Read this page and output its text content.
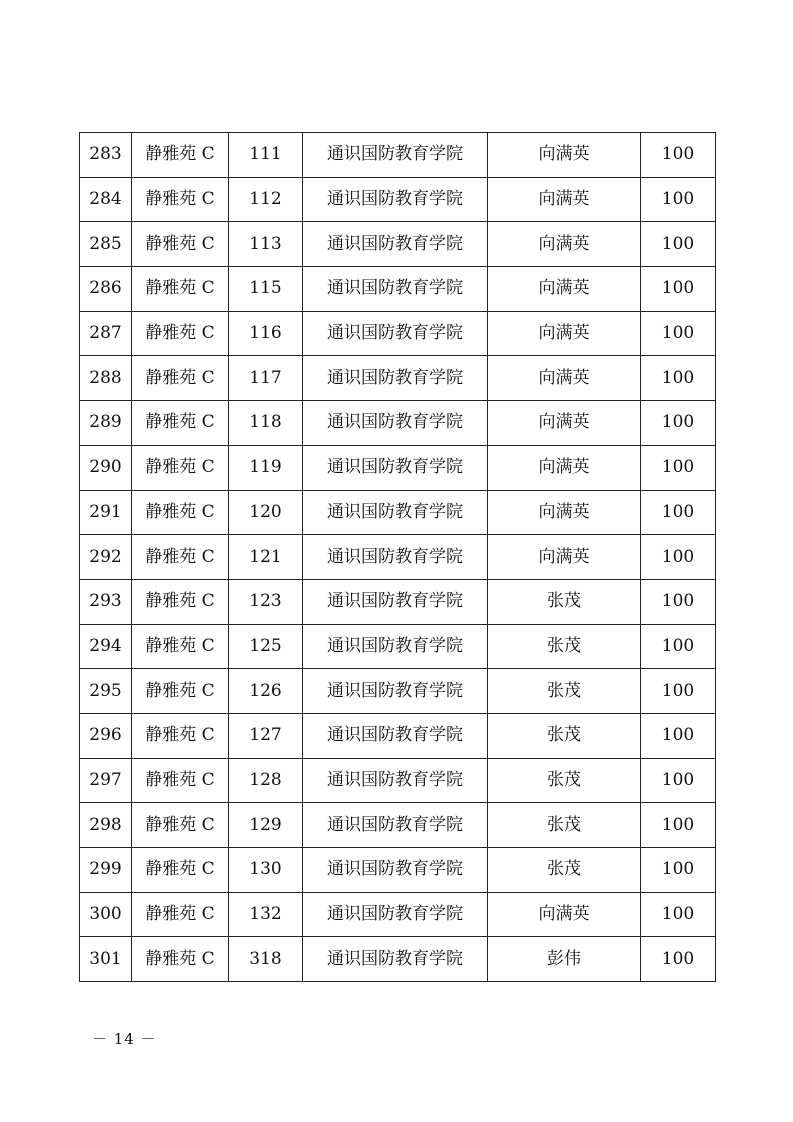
283	静雅苑 C	111	通识国防教育学院	向满英	100
284	静雅苑 C	112	通识国防教育学院	向满英	100
285	静雅苑 C	113	通识国防教育学院	向满英	100
286	静雅苑 C	115	通识国防教育学院	向满英	100
287	静雅苑 C	116	通识国防教育学院	向满英	100
288	静雅苑 C	117	通识国防教育学院	向满英	100
289	静雅苑 C	118	通识国防教育学院	向满英	100
290	静雅苑 C	119	通识国防教育学院	向满英	100
291	静雅苑 C	120	通识国防教育学院	向满英	100
292	静雅苑 C	121	通识国防教育学院	向满英	100
293	静雅苑 C	123	通识国防教育学院	张茂	100
294	静雅苑 C	125	通识国防教育学院	张茂	100
295	静雅苑 C	126	通识国防教育学院	张茂	100
296	静雅苑 C	127	通识国防教育学院	张茂	100
297	静雅苑 C	128	通识国防教育学院	张茂	100
298	静雅苑 C	129	通识国防教育学院	张茂	100
299	静雅苑 C	130	通识国防教育学院	张茂	100
300	静雅苑 C	132	通识国防教育学院	向满英	100
301	静雅苑 C	318	通识国防教育学院	彭伟	100
－ 14 －
